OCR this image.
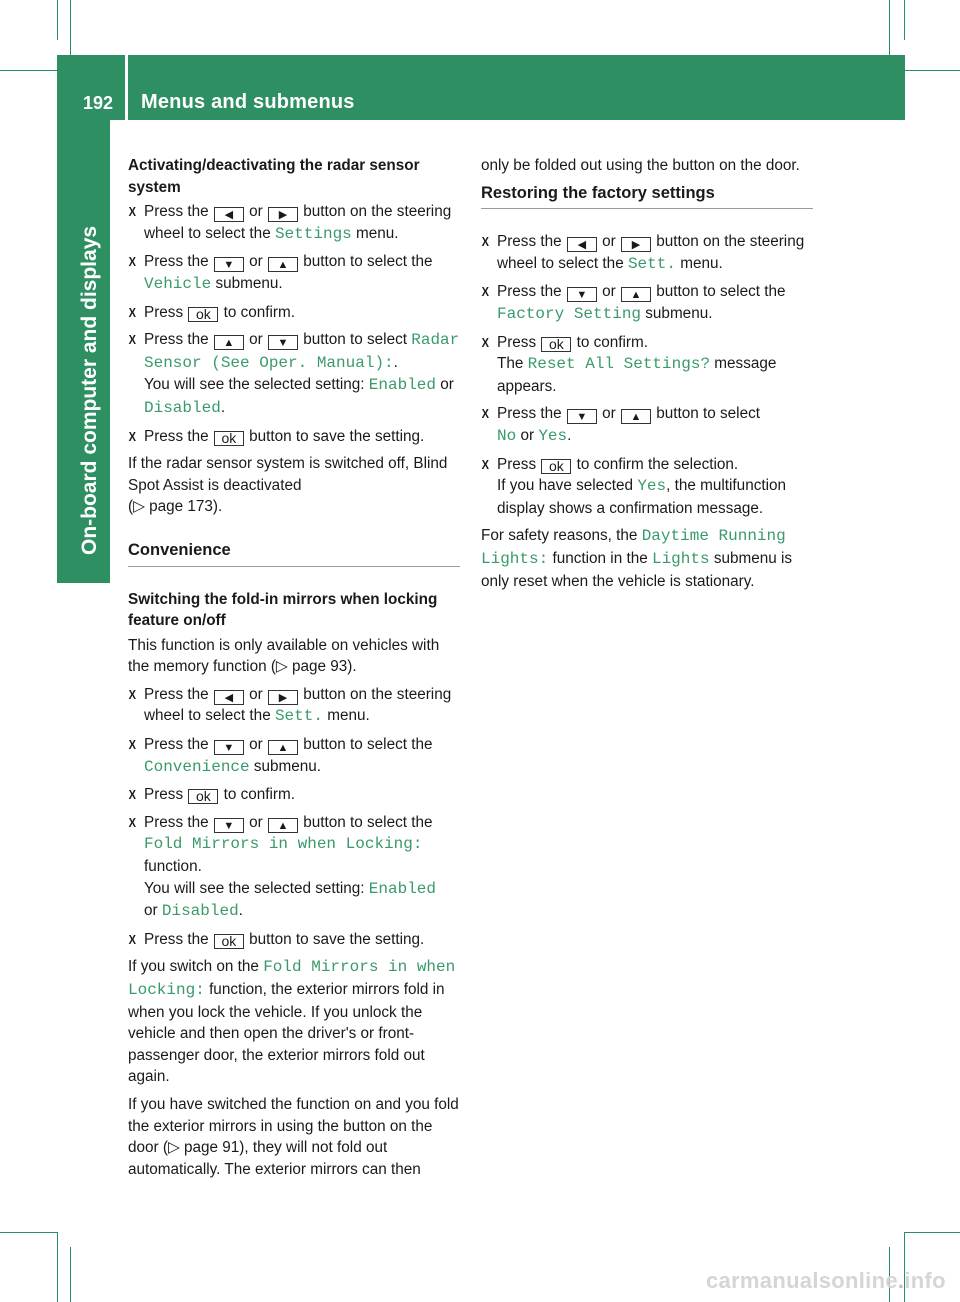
192 Menus and submenus
On-board computer and displays

Activating/deactivating the radar sensor system

X Press the ◀ or ▶ button on the steering wheel to select the Settings menu.
X Press the ▼ or ▲ button to select the Vehicle submenu.
X Press ok to confirm.
X Press the ▲ or ▼ button to select Radar Sensor (See Oper. Manual):.
You will see the selected setting: Enabled or Disabled.
X Press the ok button to save the setting.

If the radar sensor system is switched off, Blind Spot Assist is deactivated
(▷ page 173).

Convenience

Switching the fold-in mirrors when locking feature on/off

This function is only available on vehicles with the memory function (▷ page 93).

X Press the ◀ or ▶ button on the steering wheel to select the Sett. menu.
X Press the ▼ or ▲ button to select the Convenience submenu.
X Press ok to confirm.
X Press the ▼ or ▲ button to select the Fold Mirrors in when Locking:
function.
You will see the selected setting: Enabled
or Disabled.
X Press the ok button to save the setting.

If you switch on the Fold Mirrors in when Locking: function, the exterior mirrors fold in when you lock the vehicle. If you unlock the vehicle and then open the driver's or front-passenger door, the exterior mirrors fold out again.

If you have switched the function on and you fold the exterior mirrors in using the button on the door (▷ page 91), they will not fold out automatically. The exterior mirrors can then

only be folded out using the button on the door.

Restoring the factory settings
X Press the ◀ or ▶ button on the steering wheel to select the Sett. menu.
X Press the ▼ or ▲ button to select the Factory Setting submenu.
X Press ok to confirm.
The Reset All Settings? message appears.
X Press the ▼ or ▲ button to select
No or Yes.
X Press ok to confirm the selection.
If you have selected Yes, the multifunction display shows a confirmation message.

For safety reasons, the Daytime Running Lights: function in the Lights submenu is only reset when the vehicle is stationary.

carmanualsonline.info
